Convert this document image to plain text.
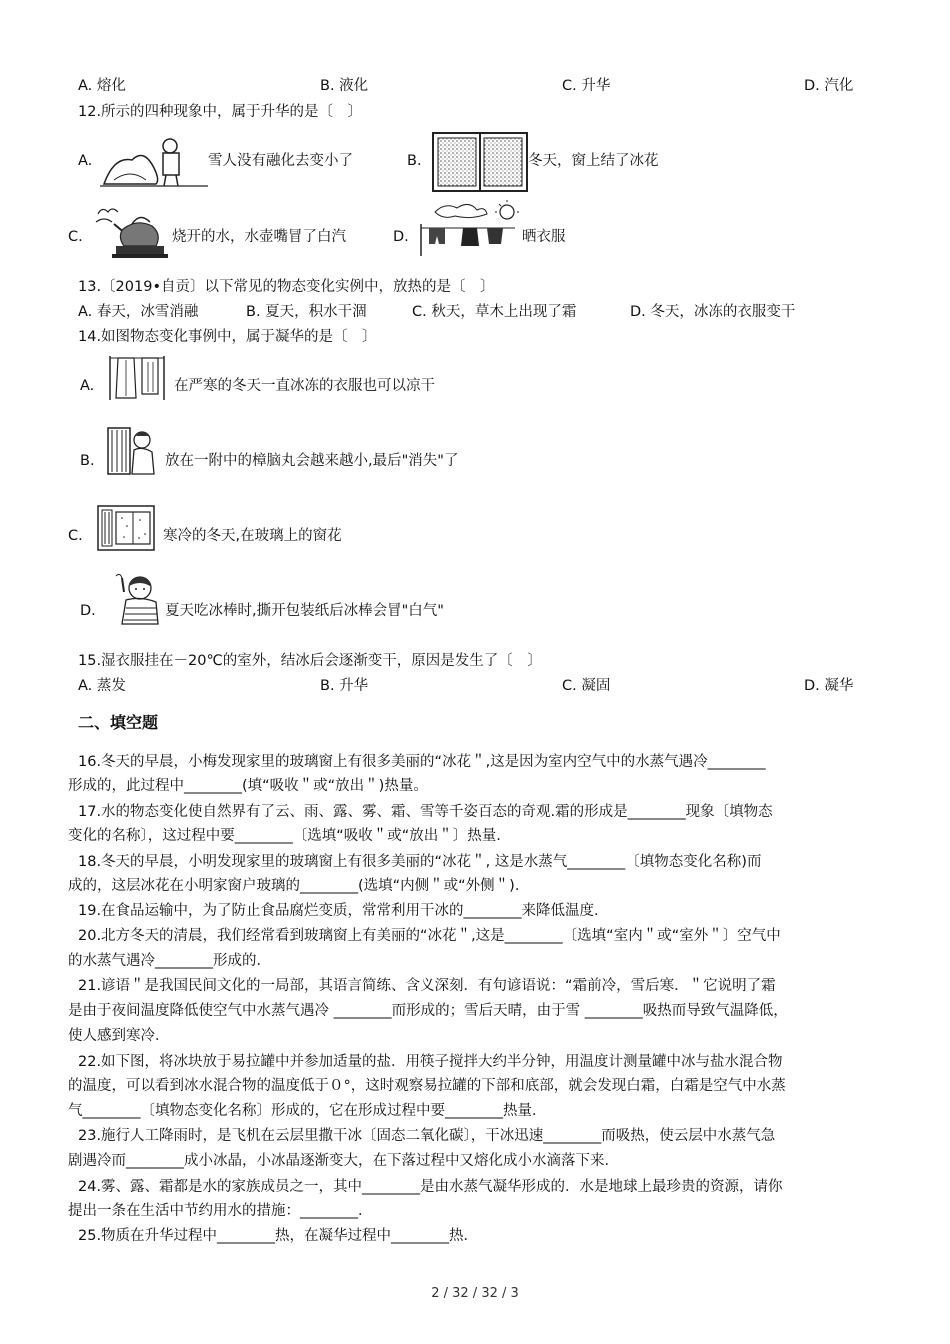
A. 熔化	B. 液化	C. 升华	D. 汽化
12.所示的四种现象中，属于升华的是〔　〕
A.	雪人没有融化去变小了	B.	冬天，窗上结了冰花
C.	烧开的水，水壶嘴冒了白汽	D.	晒衣服
13.〔2019•自贡〕以下常见的物态变化实例中，放热的是〔　〕
A. 春天，冰雪消融	B. 夏天，积水干涸	C. 秋天，草木上出现了霜	D. 冬天，冰冻的衣服变干
14.如图物态变化事例中，属于凝华的是〔　〕
A.	在严寒的冬天一直冰冻的衣服也可以凉干
B.	放在一附中的樟脑丸会越来越小,最后"消失"了
C.	寒冷的冬天,在玻璃上的窗花
D.	夏天吃冰棒时,撕开包装纸后冰棒会冒"白气"
15.湿衣服挂在－20℃的室外，结冰后会逐渐变干，原因是发生了〔　〕
A. 蒸发	B. 升华	C. 凝固	D. 凝华
二、填空题
16.冬天的早晨，小梅发现家里的玻璃窗上有很多美丽的“冰花＂,这是因为室内空气中的水蒸气遇冷________
形成的，此过程中________(填“吸收＂或“放出＂)热量。
17.水的物态变化使自然界有了云、雨、露、雾、霜、雪等千姿百态的奇观.霜的形成是________现象〔填物态
变化的名称〕，这过程中要________〔选填“吸收＂或“放出＂〕热量.
18.冬天的早晨，小明发现家里的玻璃窗上有很多美丽的“冰花＂, 这是水蒸气________〔填物态变化名称)而
成的，这层冰花在小明家窗户玻璃的________(选填“内侧＂或“外侧＂)．
19.在食品运输中，为了防止食品腐烂变质，常常利用干冰的________来降低温度．
20.北方冬天的清晨，我们经常看到玻璃窗上有美丽的“冰花＂,这是________〔选填“室内＂或“室外＂〕空气中
的水蒸气遇冷________形成的．
21.谚语＂是我国民间文化的一局部，其语言简练、含义深刻．有句谚语说：“霜前冷，雪后寒．＂它说明了霜
是由于夜间温度降低使空气中水蒸气遇冷 ________而形成的；雪后天晴，由于雪 ________吸热而导致气温降低，
使人感到寒冷．
22.如下图，将冰块放于易拉罐中并参加适量的盐．用筷子搅拌大约半分钟，用温度计测量罐中冰与盐水混合物
的温度，可以看到冰水混合物的温度低于０°，这时观察易拉罐的下部和底部，就会发现白霜，白霜是空气中水蒸
气________〔填物态变化名称〕形成的，它在形成过程中要________热量．
23.施行人工降雨时，是飞机在云层里撒干冰〔固态二氧化碳〕，干冰迅速________而吸热，使云层中水蒸气急
剧遇冷而________成小冰晶，小冰晶逐渐变大，在下落过程中又熔化成小水滴落下来．
24.雾、露、霜都是水的家族成员之一，其中________是由水蒸气凝华形成的．水是地球上最珍贵的资源，请你
提出一条在生活中节约用水的措施：________．
25.物质在升华过程中________热，在凝华过程中________热．
2 / 32 / 32 / 3
